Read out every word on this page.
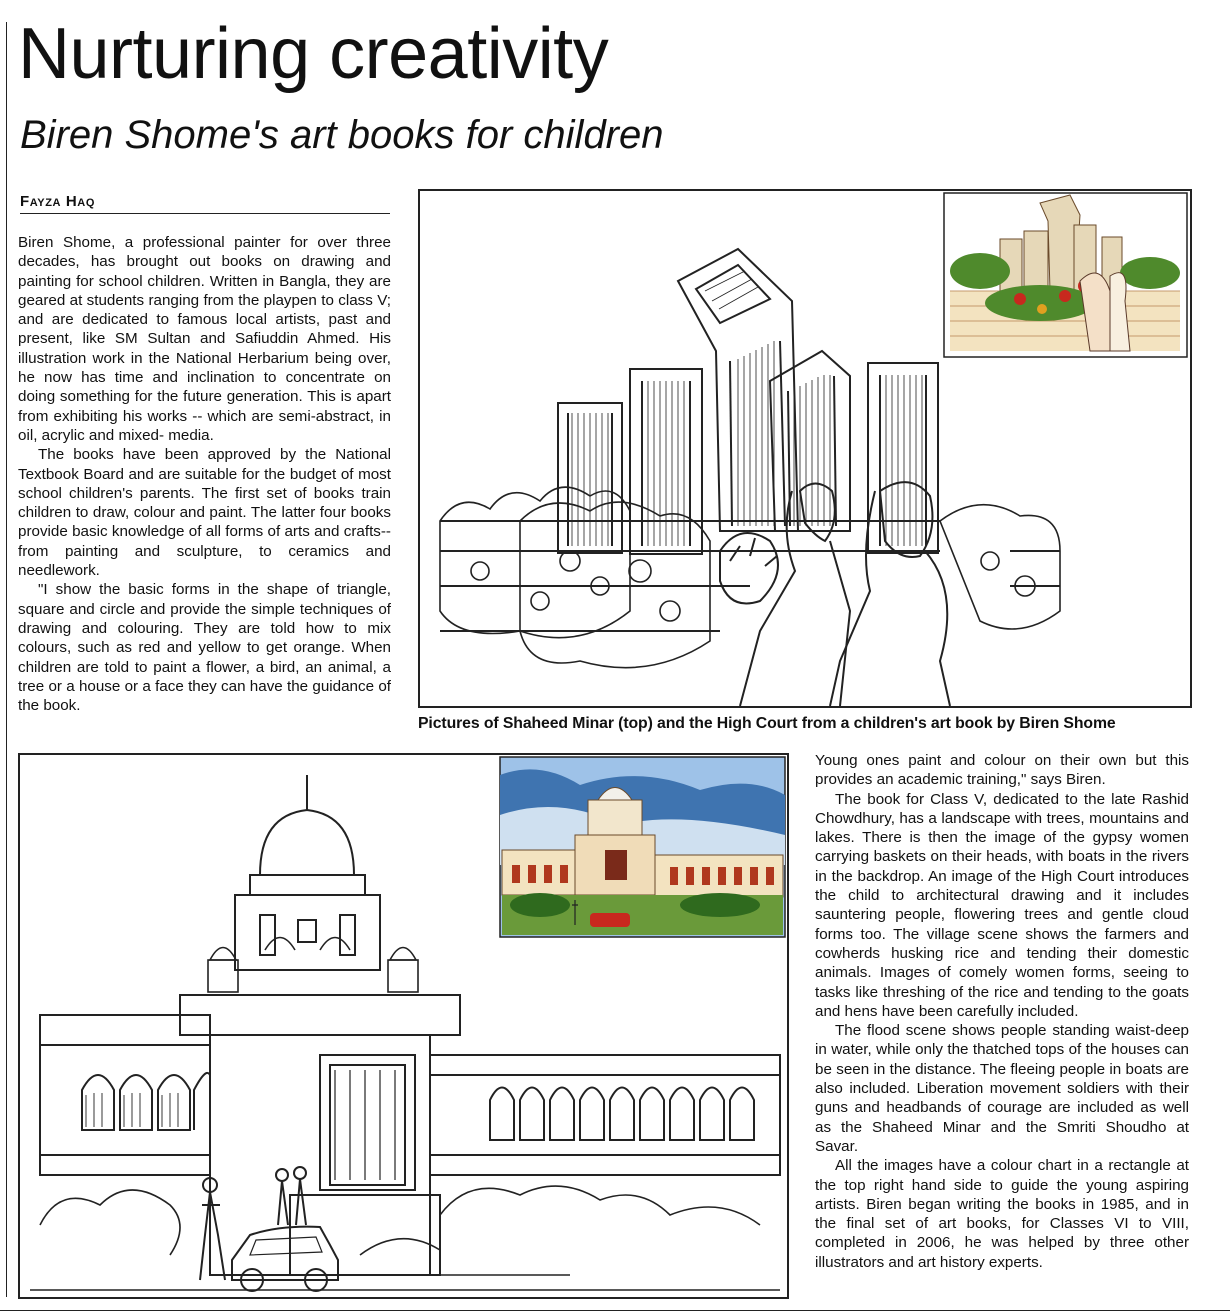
Nurturing creativity
Biren Shome's art books for children
Fayza Haq

Biren Shome, a professional painter for over three decades, has brought out books on drawing and painting for school children. Written in Bangla, they are geared at students ranging from the playpen to class V; and are dedicated to famous local artists, past and present, like SM Sultan and Safiuddin Ahmed. His illustration work in the National Herbarium being over, he now has time and inclination to concentrate on doing something for the future generation. This is apart from exhibiting his works -- which are semi-abstract, in oil, acrylic and mixed- media.

The books have been approved by the National Textbook Board and are suitable for the budget of most school children's parents. The first set of books train children to draw, colour and paint. The latter four books provide basic knowledge of all forms of arts and crafts-- from painting and sculpture, to ceramics and needlework.

"I show the basic forms in the shape of triangle, square and circle and provide the simple techniques of drawing and colouring. They are told how to mix colours, such as red and yellow to get orange. When children are told to paint a flower, a bird, an animal, a tree or a house or a face they can have the guidance of the book.

Pictures of Shaheed Minar (top) and the High Court from a children's art book by Biren Shome

Young ones paint and colour on their own but this provides an academic training," says Biren.

The book for Class V, dedicated to the late Rashid Chowdhury, has a landscape with trees, mountains and lakes. There is then the image of the gypsy women carrying baskets on their heads, with boats in the rivers in the backdrop. An image of the High Court introduces the child to architectural drawing and it includes sauntering people, flowering trees and gentle cloud forms too. The village scene shows the farmers and cowherds husking rice and tending their domestic animals. Images of comely women forms, seeing to tasks like threshing of the rice and tending to the goats and hens have been carefully included.

The flood scene shows people standing waist-deep in water, while only the thatched tops of the houses can be seen in the distance. The fleeing people in boats are also included. Liberation movement soldiers with their guns and headbands of courage are included as well as the Shaheed Minar and the Smriti Shoudho at Savar.

All the images have a colour chart in a rectangle at the top right hand side to guide the young aspiring artists. Biren began writing the books in 1985, and in the final set of art books, for Classes VI to VIII, completed in 2006, he was helped by three other illustrators and art history experts.
